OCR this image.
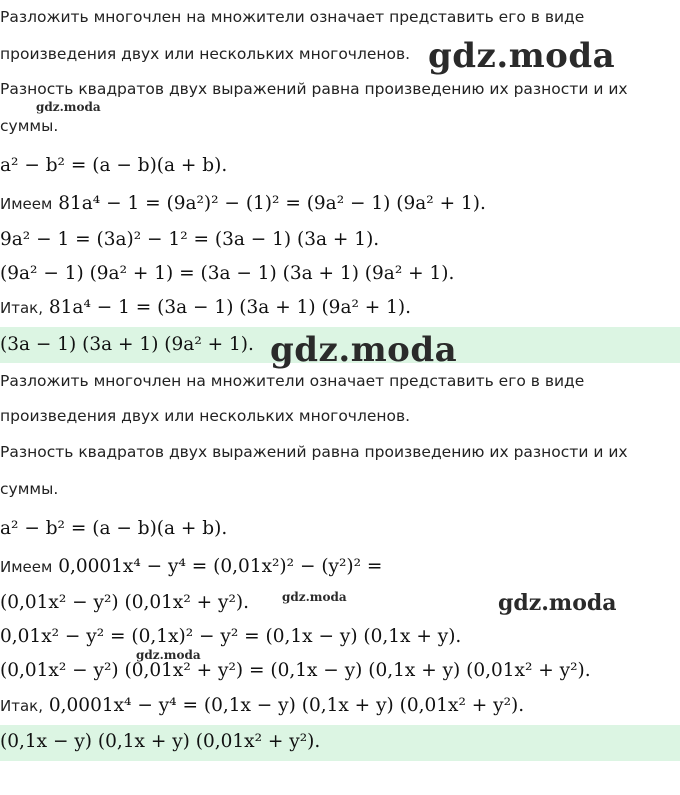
Разложить многочлен на множители означает представить его в виде
произведения двух или нескольких многочленов.
Разность квадратов двух выражений равна произведению их разности и их
суммы.
a² − b² = (a − b)(a + b).
Имеем 81a⁴ − 1 = (9a²)² − (1)² = (9a² − 1) (9a² + 1).
9a² − 1 = (3a)² − 1² = (3a − 1) (3a + 1).
(9a² − 1) (9a² + 1) = (3a − 1) (3a + 1) (9a² + 1).
Итак, 81a⁴ − 1 = (3a − 1) (3a + 1) (9a² + 1).
(3a − 1) (3a + 1) (9a² + 1).
Разложить многочлен на множители означает представить его в виде
произведения двух или нескольких многочленов.
Разность квадратов двух выражений равна произведению их разности и их
суммы.
a² − b² = (a − b)(a + b).
Имеем 0,0001x⁴ − y⁴ = (0,01x²)² − (y²)² =
(0,01x² − y²) (0,01x² + y²).
0,01x² − y² = (0,1x)² − y² = (0,1x − y) (0,1x + y).
(0,01x² − y²) (0,01x² + y²) = (0,1x − y) (0,1x + y) (0,01x² + y²).
Итак, 0,0001x⁴ − y⁴ = (0,1x − y) (0,1x + y) (0,01x² + y²).
(0,1x − y) (0,1x + y) (0,01x² + y²).
gdz.moda
gdz.moda
gdz.moda
gdz.moda	gdz.moda
gdz.moda
